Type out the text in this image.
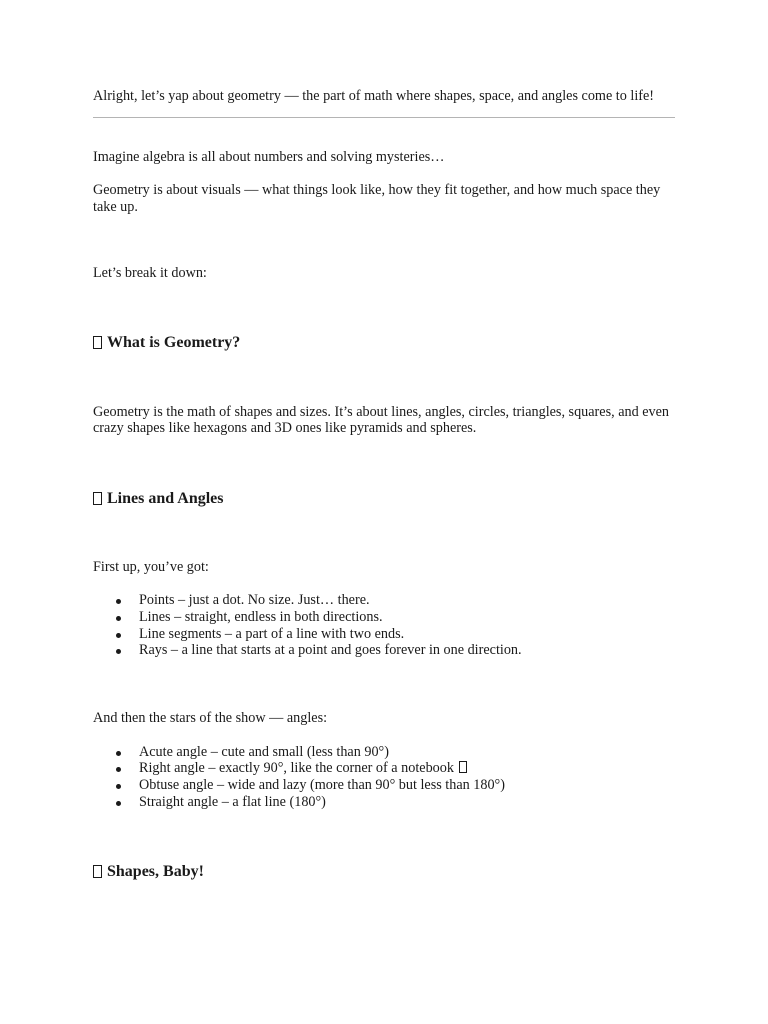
Alright, let’s yap about geometry — the part of math where shapes, space, and angles come to life!

Imagine algebra is all about numbers and solving mysteries…

Geometry is about visuals — what things look like, how they fit together, and how much space they take up.

Let’s break it down:

What is Geometry?

Geometry is the math of shapes and sizes. It’s about lines, angles, circles, triangles, squares, and even crazy shapes like hexagons and 3D ones like pyramids and spheres.

Lines and Angles

First up, you’ve got:

Points – just a dot. No size. Just… there.
Lines – straight, endless in both directions.
Line segments – a part of a line with two ends.
Rays – a line that starts at a point and goes forever in one direction.

And then the stars of the show — angles:

Acute angle – cute and small (less than 90°)
Right angle – exactly 90°, like the corner of a notebook
Obtuse angle – wide and lazy (more than 90° but less than 180°)
Straight angle – a flat line (180°)
Shapes, Baby!
